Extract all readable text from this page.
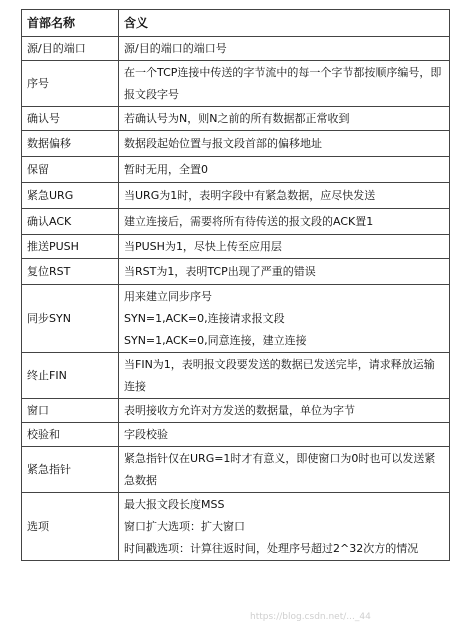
首部名称	含义
源/目的端口	源/目的端口的端口号

序号	在一个TCP连接中传送的字节流中的每一个字节都按顺序编号，即报文段字号

确认号	若确认号为N，则N之前的所有数据都正常收到

数据偏移	数据段起始位置与报文段首部的偏移地址

保留	暂时无用，全置0

紧急URG	当URG为1时，表明字段中有紧急数据，应尽快发送

确认ACK	建立连接后，需要将所有待传送的报文段的ACK置1

推送PUSH	当PUSH为1，尽快上传至应用层

复位RST	当RST为1，表明TCP出现了严重的错误

同步SYN	用来建立同步序号
SYN=1,ACK=0,连接请求报文段
SYN=1,ACK=0,同意连接，建立连接

终止FIN	当FIN为1，表明报文段要发送的数据已发送完毕，请求释放运输连接

窗口	表明接收方允许对方发送的数据量，单位为字节

校验和	字段校验

紧急指针	紧急指针仅在URG=1时才有意义，即使窗口为0时也可以发送紧急数据

选项	最大报文段长度MSS
窗口扩大选项：扩大窗口
时间戳选项：计算往返时间，处理序号超过2^32次方的情况
https://blog.csdn.net/..._44
